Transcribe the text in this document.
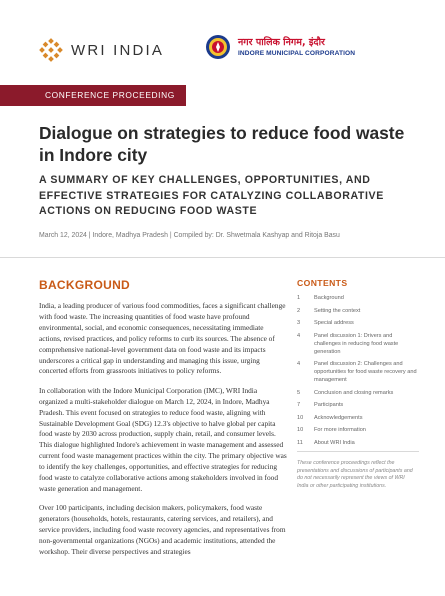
WRI INDIA	नगर पालिक निगम, इंदौर
INDORE MUNICIPAL CORPORATION
CONFERENCE PROCEEDING
Dialogue on strategies to reduce food waste in Indore city
A SUMMARY OF KEY CHALLENGES, OPPORTUNITIES, AND EFFECTIVE STRATEGIES FOR CATALYZING COLLABORATIVE ACTIONS ON REDUCING FOOD WASTE
March 12, 2024 | Indore, Madhya Pradesh | Compiled by: Dr. Shwetmala Kashyap and Ritoja Basu
BACKGROUND

India, a leading producer of various food commodities, faces a significant challenge with food waste. The increasing quantities of food waste have profound environmental, social, and economic consequences, necessitating immediate actions, revised practices, and policy reforms to curb its sources. The absence of comprehensive national-level government data on food waste and its impacts underscores a critical gap in understanding and managing this issue, urging concerted efforts from grassroots initiatives to policy reforms.

In collaboration with the Indore Municipal Corporation (IMC), WRI India organized a multi-stakeholder dialogue on March 12, 2024, in Indore, Madhya Pradesh. This event focused on strategies to reduce food waste, aligning with Sustainable Development Goal (SDG) 12.3's objective to halve global per capita food waste by 2030 across production, supply chain, retail, and consumer levels. This dialogue highlighted Indore's achievement in waste management and assessed current food waste management practices within the city. The primary objective was to identify the key challenges, opportunities, and effective strategies for reducing food waste to catalyze collaborative actions among stakeholders involved in food waste generation and management.

Over 100 participants, including decision makers, policymakers, food waste generators (households, hotels, restaurants, catering services, and retailers), and service providers, including food waste recovery agencies, and representatives from non-governmental organizations (NGOs) and academic institutions, attended the workshop. Their diverse perspectives and strategies

CONTENTS
1	Background
2	Setting the context
3	Special address
4	Panel discussion 1: Drivers and challenges in reducing food waste generation
4	Panel discussion 2: Challenges and opportunities for food waste recovery and management
5	Conclusion and closing remarks
7	Participants
10	Acknowledgements
10	For more information
11	About WRI India

These conference proceedings reflect the presentations and discussions of participants and do not necessarily represent the views of WRI India or other participating institutions.
